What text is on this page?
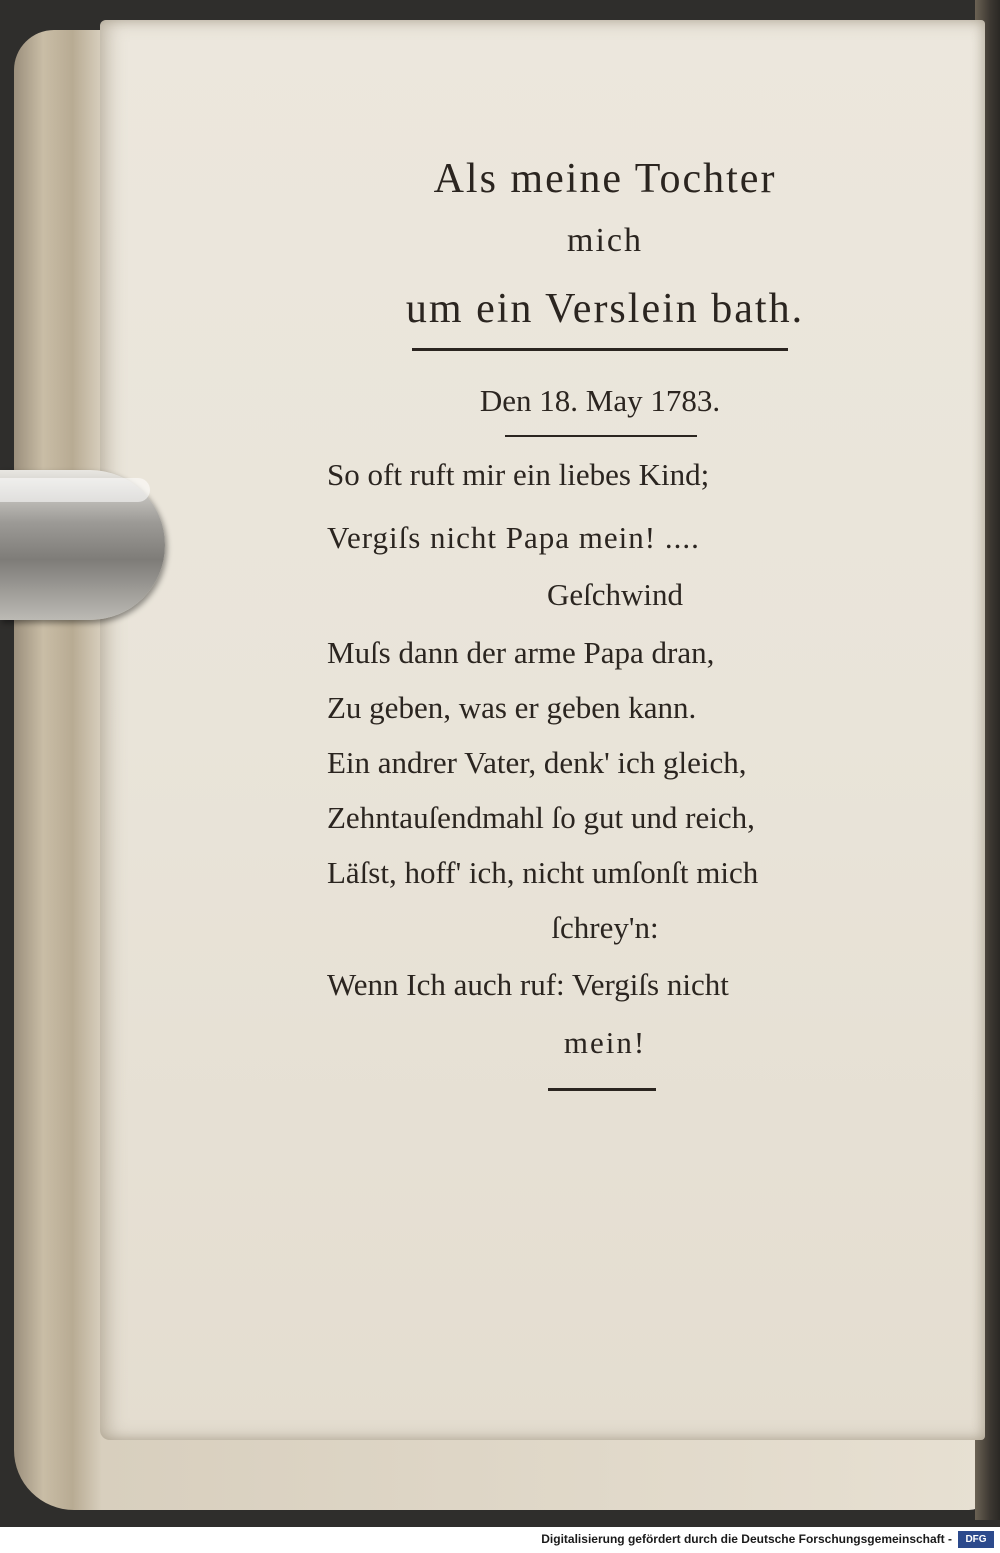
Als meine Tochter
mich
um ein Verslein bath.
Den 18. May 1783.
So oft ruft mir ein liebes Kind;
Vergiſs nicht Papa mein! ....
Geſchwind
Muſs dann der arme Papa dran,
Zu geben, was er geben kann.
Ein andrer Vater, denk' ich gleich,
Zehntauſendmahl ſo gut und reich,
Läſst, hoff' ich, nicht umſonſt mich
ſchrey'n:
Wenn Ich auch ruf: Vergiſs nicht
mein!
Digitalisierung gefördert durch die Deutsche Forschungsgemeinschaft -	DFG
